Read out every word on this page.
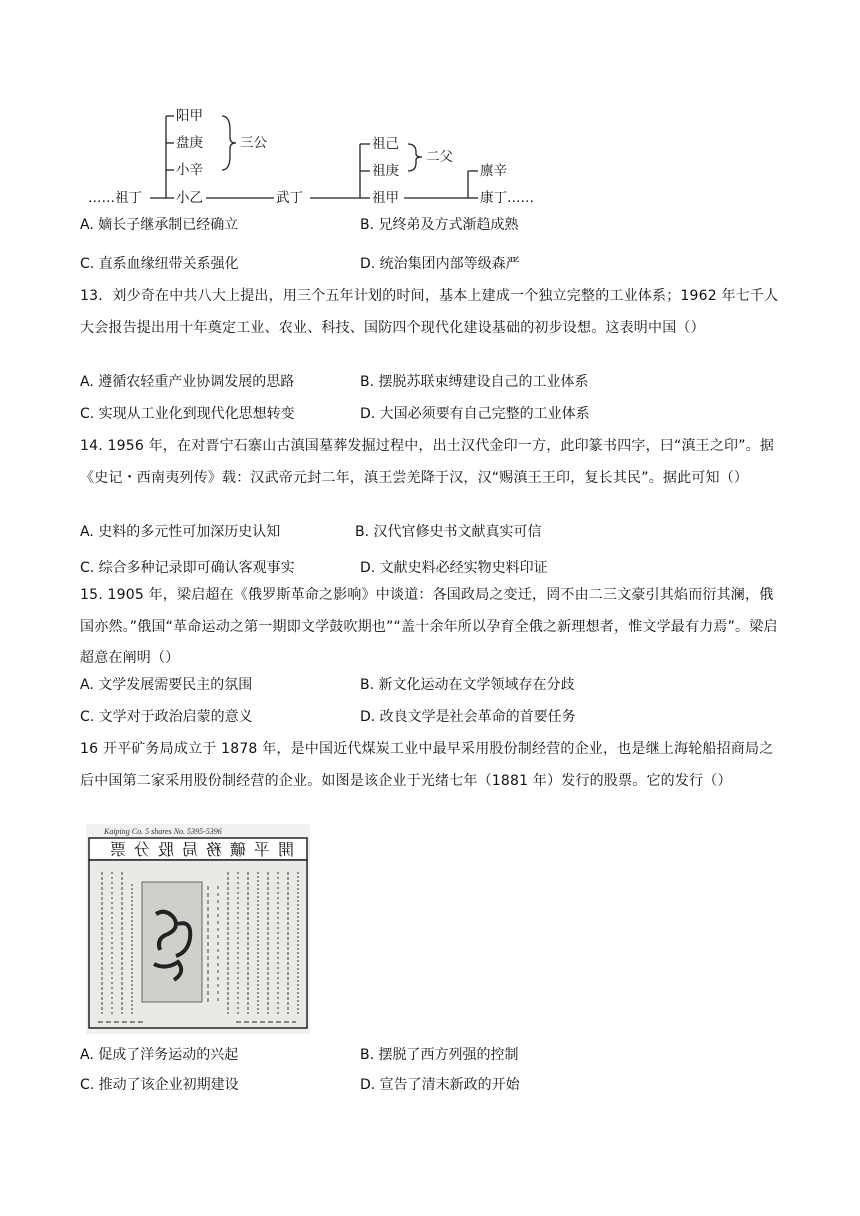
阳甲
盘庚
小辛
小乙
三公
……祖丁	武丁
祖己
祖庚
祖甲
二父
廪辛
康丁……
A. 嫡长子继承制已经确立	B. 兄终弟及方式渐趋成熟
C. 直系血缘纽带关系强化	D. 统治集团内部等级森严
13．刘少奇在中共八大上提出，用三个五年计划的时间，基本上建成一个独立完整的工业体系；1962 年七千人大会报告提出用十年奠定工业、农业、科技、国防四个现代化建设基础的初步设想。这表明中国（）
A. 遵循农轻重产业协调发展的思路	B. 摆脱苏联束缚建设自己的工业体系
C. 实现从工业化到现代化思想转变	D. 大国必须要有自己完整的工业体系
14. 1956 年，在对晋宁石寨山古滇国墓葬发掘过程中，出土汉代金印一方，此印篆书四字，曰“滇王之印”。据《史记・西南夷列传》载：汉武帝元封二年，滇王尝羌降于汉，汉“赐滇王王印，复长其民”。据此可知（）
A. 史料的多元性可加深历史认知	B. 汉代官修史书文献真实可信
C. 综合多种记录即可确认客观事实	D. 文献史料必经实物史料印证
15. 1905 年，梁启超在《俄罗斯革命之影响》中谈道：各国政局之变迁，罔不由二三文豪引其焰而衍其澜，俄国亦然。”俄国“革命运动之第一期即文学鼓吹期也”“盖十余年所以孕育全俄之新理想者，惟文学最有力焉”。梁启超意在阐明（）
A. 文学发展需要民主的氛围	B. 新文化运动在文学领域存在分歧
C. 文学对于政治启蒙的意义	D. 改良文学是社会革命的首要任务
16 开平矿务局成立于 1878 年，是中国近代煤炭工业中最早采用股份制经营的企业，也是继上海轮船招商局之后中国第二家采用股份制经营的企业。如图是该企业于光绪七年（1881 年）发行的股票。它的发行（）
Kaiping Co. 5 shares No. 5395-5396
開平礦務局股分票
A. 促成了洋务运动的兴起	B. 摆脱了西方列强的控制
C. 推动了该企业初期建设	D. 宣告了清末新政的开始
